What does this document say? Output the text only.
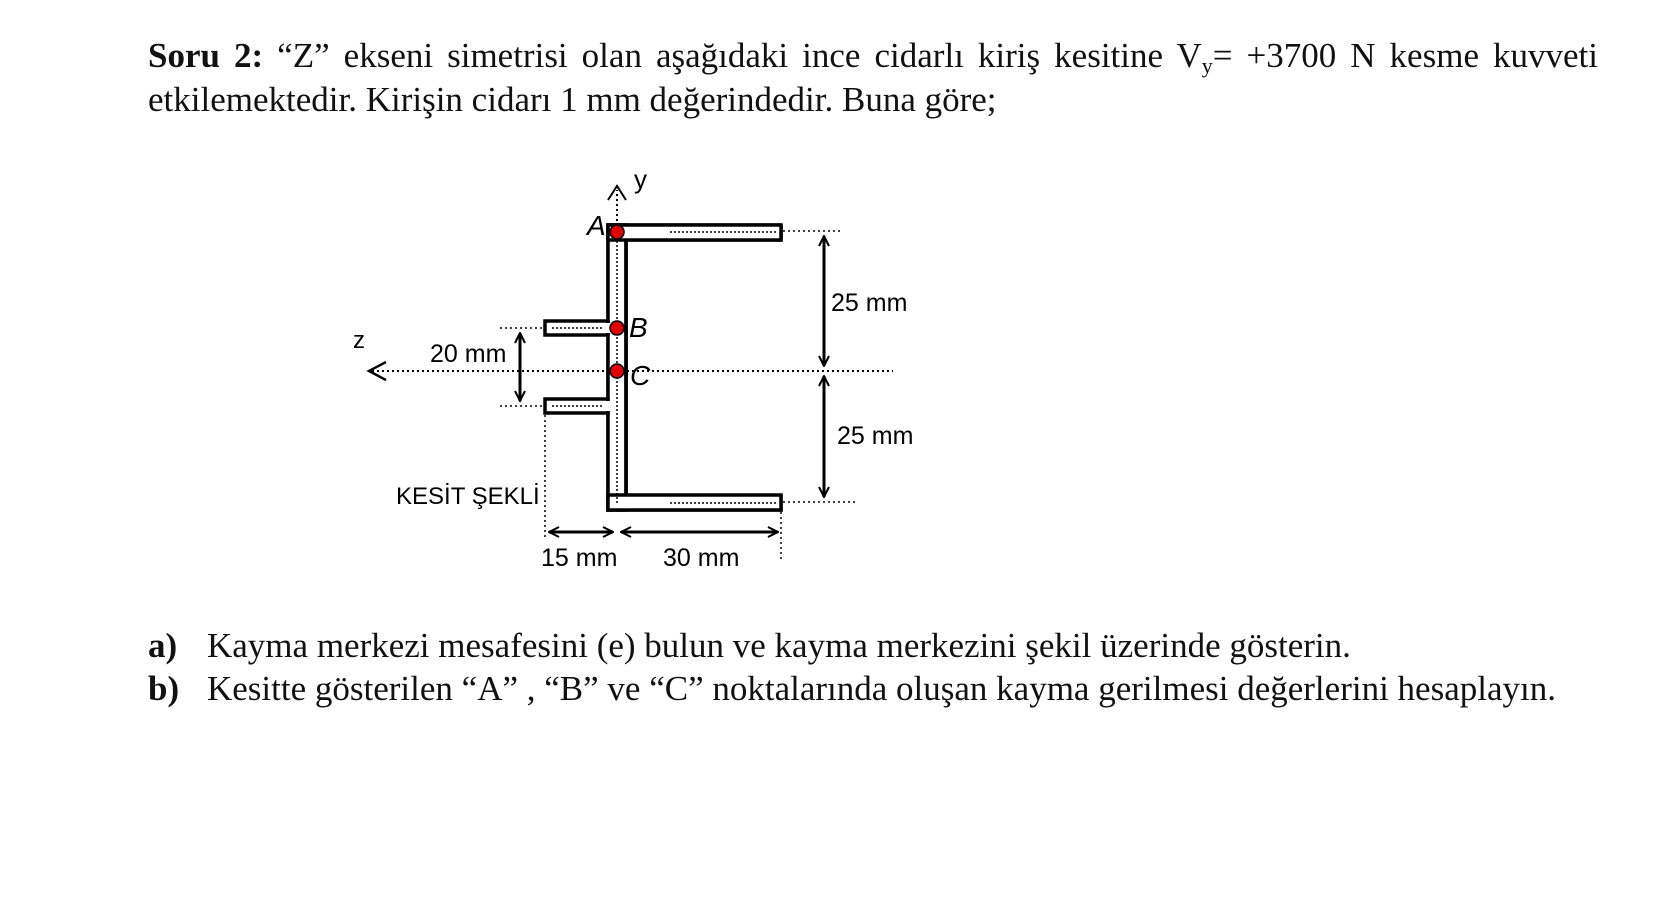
Soru 2: “Z” ekseni simetrisi olan aşağıdaki ince cidarlı kiriş kesitine $V_y= +3700$ N kesme kuvveti etkilemektedir. Kirişin cidarı 1 mm değerindedir. Buna göre;
y
z
25 mm
25 mm
20 mm
15 mm 30 mm
A
B
C
KESİT ŞEKLİ
a) Kayma merkezi mesafesini (e) bulun ve kayma merkezini şekil üzerinde gösterin.
b) Kesitte gösterilen “A” , “B” ve “C” noktalarında oluşan kayma gerilmesi değerlerini hesaplayın.
